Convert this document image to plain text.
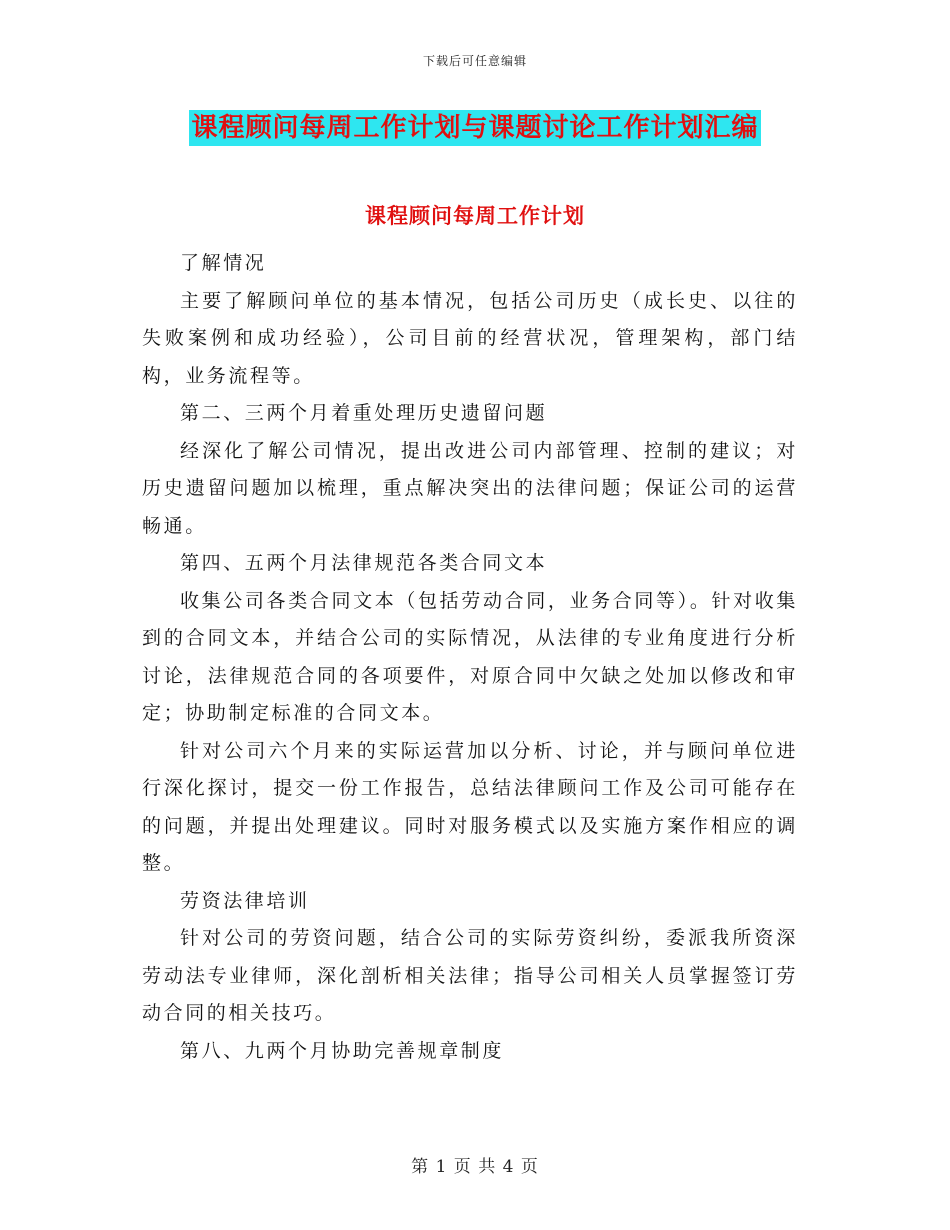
下载后可任意编辑
课程顾问每周工作计划与课题讨论工作计划汇编
课程顾问每周工作计划

了解情况

主要了解顾问单位的基本情况，包括公司历史（成长史、以往的失败案例和成功经验），公司目前的经营状况，管理架构，部门结构，业务流程等。

第二、三两个月着重处理历史遗留问题

经深化了解公司情况，提出改进公司内部管理、控制的建议；对历史遗留问题加以梳理，重点解决突出的法律问题；保证公司的运营畅通。

第四、五两个月法律规范各类合同文本

收集公司各类合同文本（包括劳动合同，业务合同等）。针对收集到的合同文本，并结合公司的实际情况，从法律的专业角度进行分析讨论，法律规范合同的各项要件，对原合同中欠缺之处加以修改和审定；协助制定标准的合同文本。

针对公司六个月来的实际运营加以分析、讨论，并与顾问单位进行深化探讨，提交一份工作报告，总结法律顾问工作及公司可能存在的问题，并提出处理建议。同时对服务模式以及实施方案作相应的调整。

劳资法律培训

针对公司的劳资问题，结合公司的实际劳资纠纷，委派我所资深劳动法专业律师，深化剖析相关法律；指导公司相关人员掌握签订劳动合同的相关技巧。

第八、九两个月协助完善规章制度

第 1 页 共 4 页
